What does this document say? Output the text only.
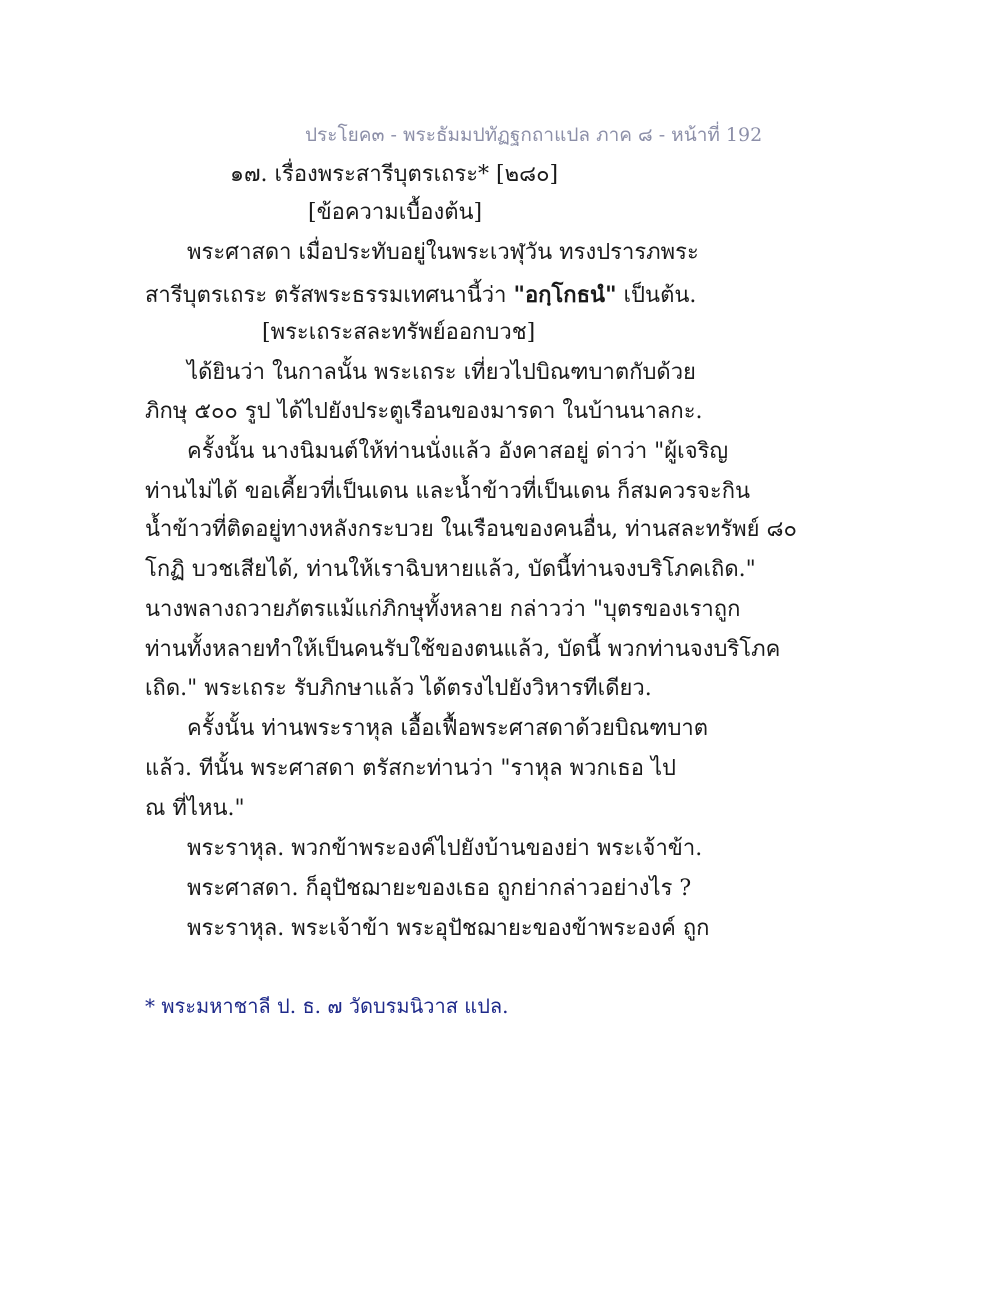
ประโยค๓ - พระธัมมปทัฏฐกถาแปล ภาค ๘ - หน้าที่ 192
๑๗. เรื่องพระสารีบุตรเถระ* [๒๘๐]
[ข้อความเบื้องต้น]
พระศาสดา เมื่อประทับอยู่ในพระเวฬุวัน ทรงปรารภพระ
สารีบุตรเถระ ตรัสพระธรรมเทศนานี้ว่า "อกฺโกธนํ" เป็นต้น.
[พระเถระสละทรัพย์ออกบวช]
ได้ยินว่า ในกาลนั้น พระเถระ เที่ยวไปบิณฑบาตกับด้วย
ภิกษุ ๕๐๐ รูป ได้ไปยังประตูเรือนของมารดา ในบ้านนาลกะ.
ครั้งนั้น นางนิมนต์ให้ท่านนั่งแล้ว อังคาสอยู่ ด่าว่า "ผู้เจริญ
ท่านไม่ได้ ขอเคี้ยวที่เป็นเดน และน้ำข้าวที่เป็นเดน ก็สมควรจะกิน
น้ำข้าวที่ติดอยู่ทางหลังกระบวย ในเรือนของคนอื่น, ท่านสละทรัพย์ ๘๐
โกฏิ บวชเสียได้, ท่านให้เราฉิบหายแล้ว, บัดนี้ท่านจงบริโภคเถิด."
นางพลางถวายภัตรแม้แก่ภิกษุทั้งหลาย กล่าวว่า "บุตรของเราถูก
ท่านทั้งหลายทำให้เป็นคนรับใช้ของตนแล้ว, บัดนี้ พวกท่านจงบริโภค
เถิด." พระเถระ รับภิกษาแล้ว ได้ตรงไปยังวิหารทีเดียว.
ครั้งนั้น ท่านพระราหุล เอื้อเฟื้อพระศาสดาด้วยบิณฑบาต
แล้ว. ทีนั้น พระศาสดา ตรัสกะท่านว่า "ราหุล พวกเธอ ไป
ณ ที่ไหน."
พระราหุล. พวกข้าพระองค์ไปยังบ้านของย่า พระเจ้าข้า.
พระศาสดา. ก็อุปัชฌายะของเธอ ถูกย่ากล่าวอย่างไร ?
พระราหุล. พระเจ้าข้า พระอุปัชฌายะของข้าพระองค์ ถูก
* พระมหาชาลี ป. ธ. ๗ วัดบรมนิวาส แปล.
